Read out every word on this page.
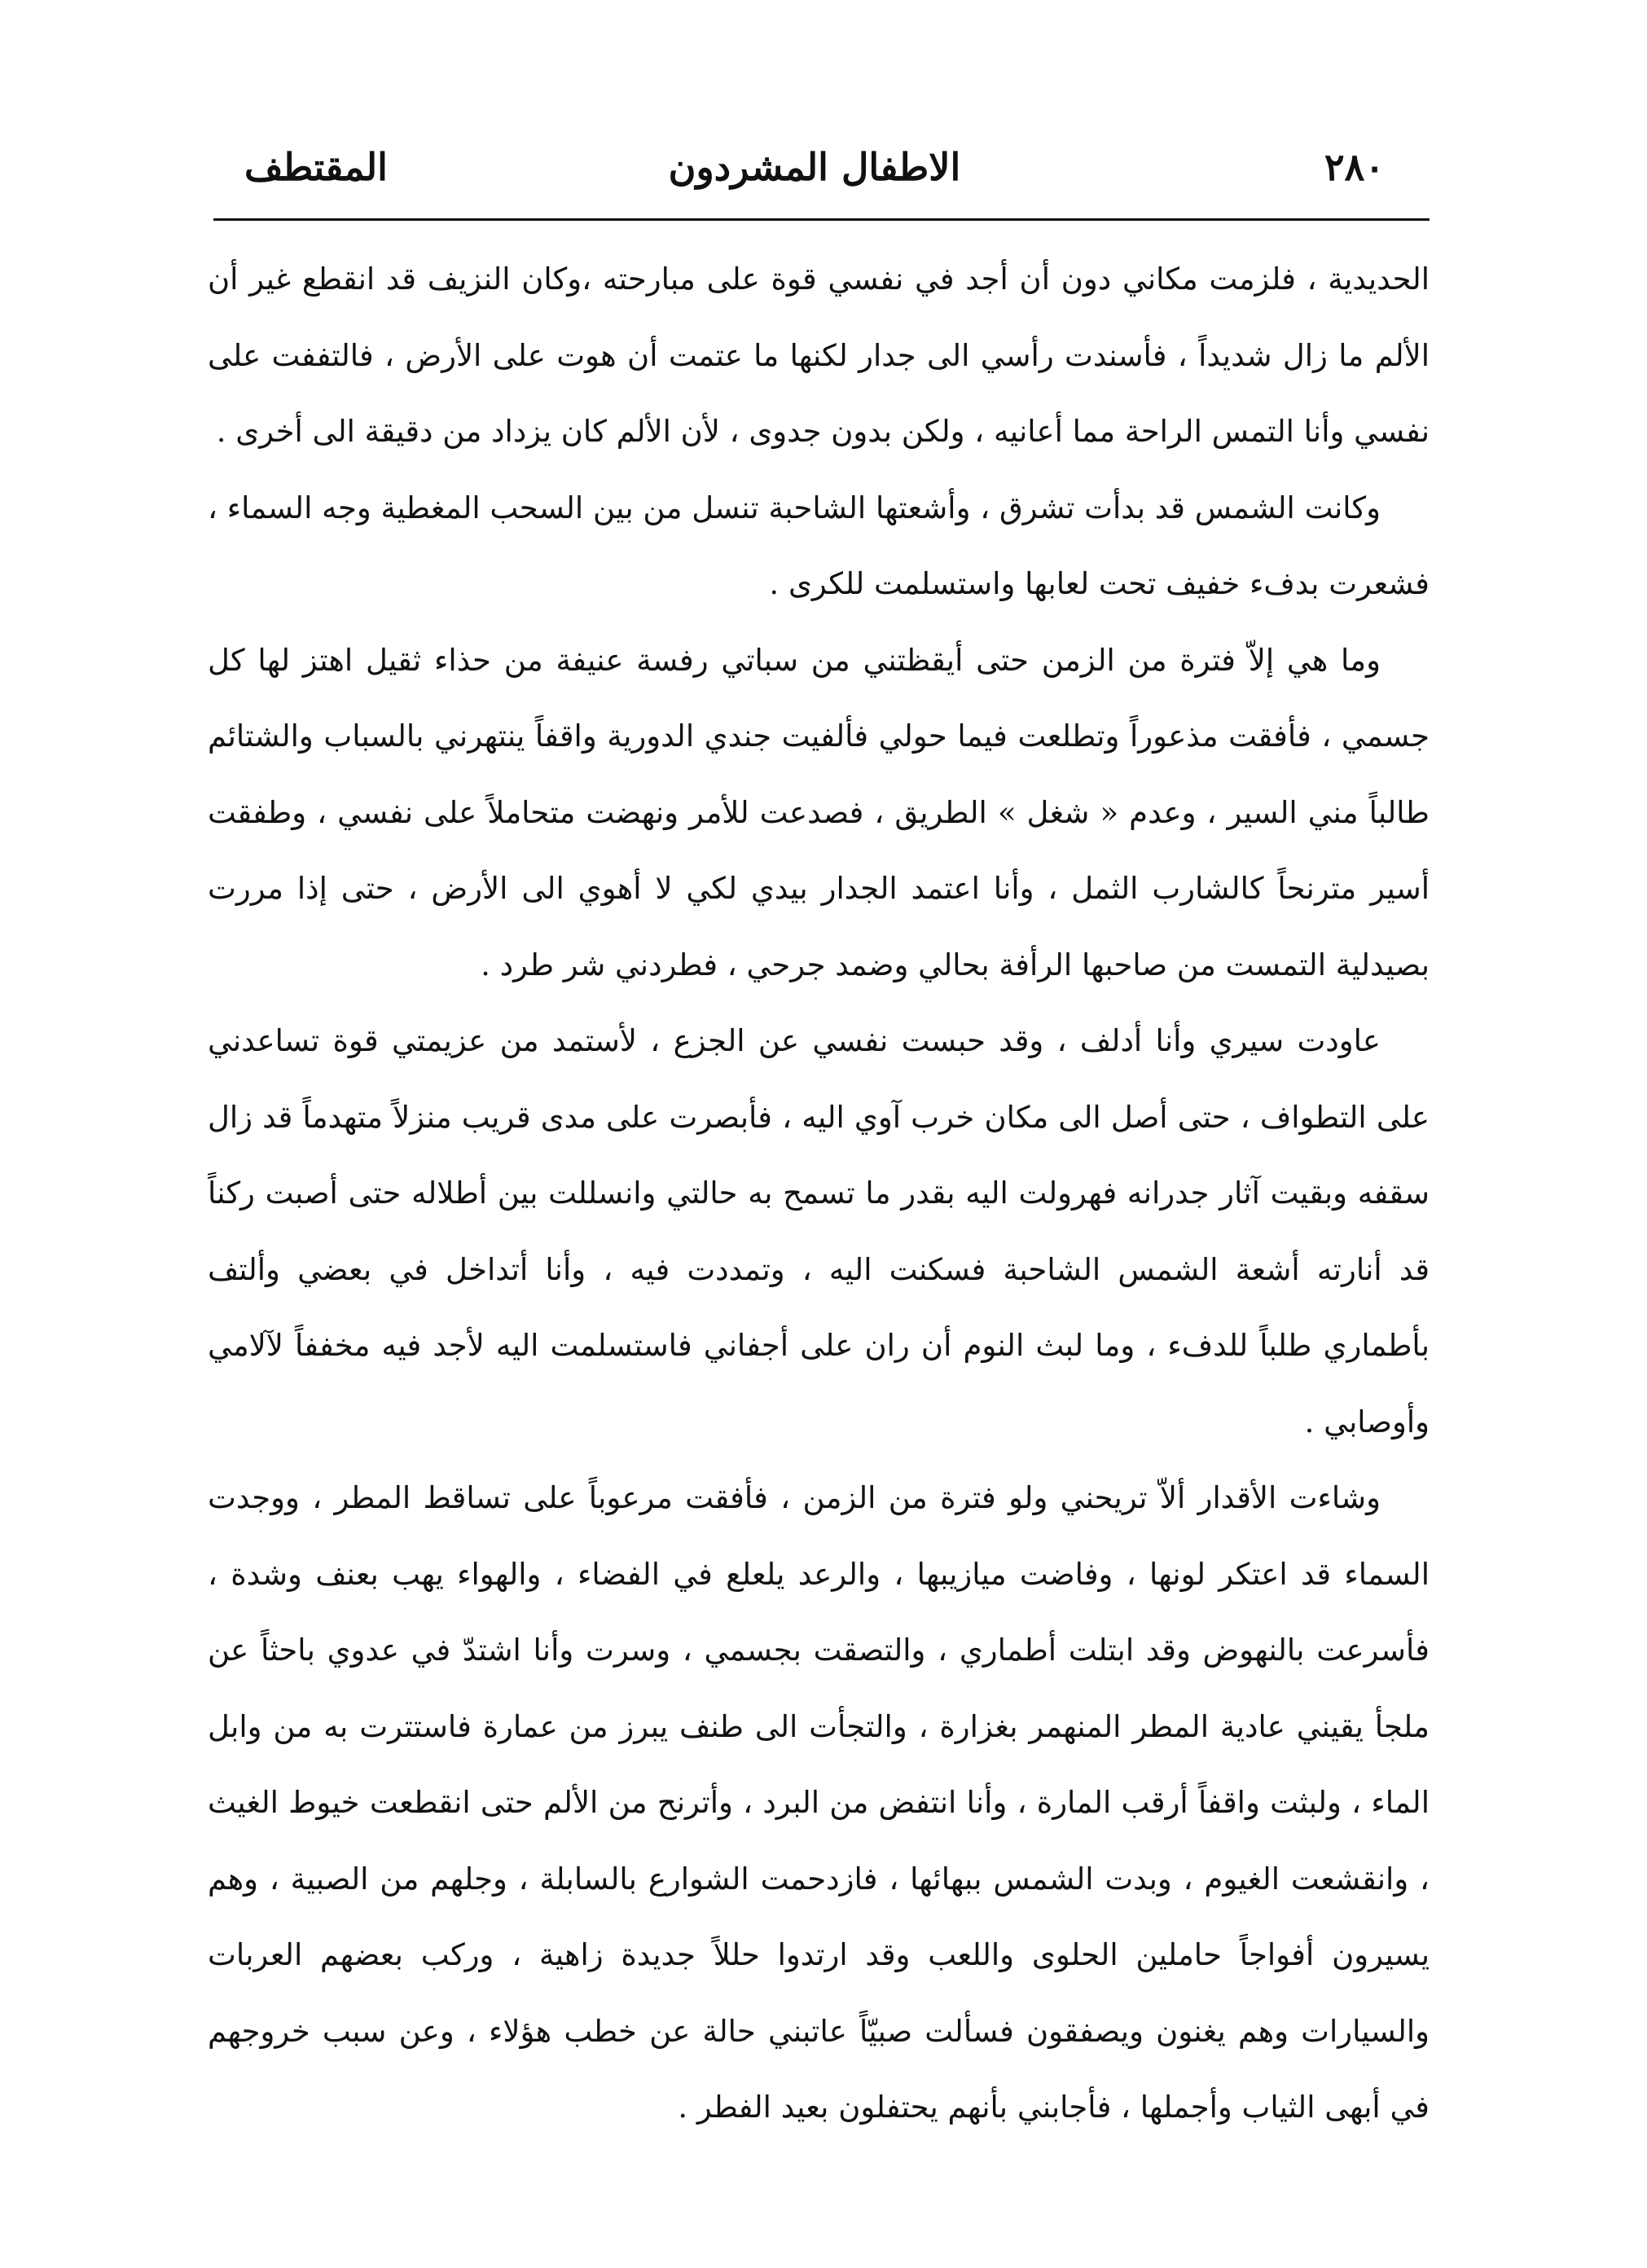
٢٨٠
الاطفال المشردون
المقتطف

الحديدية ، فلزمت مكاني دون أن أجد في نفسي قوة على مبارحته ،وكان النزيف قد انقطع غير أن الألم ما زال شديداً ، فأسندت رأسي الى جدار لكنها ما عتمت أن هوت على الأرض ، فالتففت على نفسي وأنا التمس الراحة مما أعانيه ، ولكن بدون جدوى ، لأن الألم كان يزداد من دقيقة الى أخرى .

وكانت الشمس قد بدأت تشرق ، وأشعتها الشاحبة تنسل من بين السحب المغطية وجه السماء ، فشعرت بدفء خفيف تحت لعابها واستسلمت للكرى .

وما هي إلاّ فترة من الزمن حتى أيقظتني من سباتي رفسة عنيفة من حذاء ثقيل اهتز لها كل جسمي ، فأفقت مذعوراً وتطلعت فيما حولي فألفيت جندي الدورية واقفاً ينتهرني بالسباب والشتائم طالباً مني السير ، وعدم « شغل » الطريق ، فصدعت للأمر ونهضت متحاملاً على نفسي ، وطفقت أسير مترنحاً كالشارب الثمل ، وأنا اعتمد الجدار بيدي لكي لا أهوي الى الأرض ، حتى إذا مررت بصيدلية التمست من صاحبها الرأفة بحالي وضمد جرحي ، فطردني شر طرد .

عاودت سيري وأنا أدلف ، وقد حبست نفسي عن الجزع ، لأستمد من عزيمتي قوة تساعدني على التطواف ، حتى أصل الى مكان خرب آوي اليه ، فأبصرت على مدى قريب منزلاً متهدماً قد زال سقفه وبقيت آثار جدرانه فهرولت اليه بقدر ما تسمح به حالتي وانسللت بين أطلاله حتى أصبت ركناً قد أنارته أشعة الشمس الشاحبة فسكنت اليه ، وتمددت فيه ، وأنا أتداخل في بعضي وألتف بأطماري طلباً للدفء ، وما لبث النوم أن ران على أجفاني فاستسلمت اليه لأجد فيه مخففاً لآلامي وأوصابي .

وشاءت الأقدار ألاّ تريحني ولو فترة من الزمن ، فأفقت مرعوباً على تساقط المطر ، ووجدت السماء قد اعتكر لونها ، وفاضت ميازيبها ، والرعد يلعلع في الفضاء ، والهواء يهب بعنف وشدة ، فأسرعت بالنهوض وقد ابتلت أطماري ، والتصقت بجسمي ، وسرت وأنا اشتدّ في عدوي باحثاً عن ملجأ يقيني عادية المطر المنهمر بغزارة ، والتجأت الى طنف يبرز من عمارة فاستترت به من وابل الماء ، ولبثت واقفاً أرقب المارة ، وأنا انتفض من البرد ، وأترنح من الألم حتى انقطعت خيوط الغيث ، وانقشعت الغيوم ، وبدت الشمس ببهائها ، فازدحمت الشوارع بالسابلة ، وجلهم من الصبية ، وهم يسيرون أفواجاً حاملين الحلوى واللعب وقد ارتدوا حللاً جديدة زاهية ، وركب بعضهم العربات والسيارات وهم يغنون ويصفقون فسألت صبيّاً عاتبني حالة عن خطب هؤلاء ، وعن سبب خروجهم في أبهى الثياب وأجملها ، فأجابني بأنهم يحتفلون بعيد الفطر .
